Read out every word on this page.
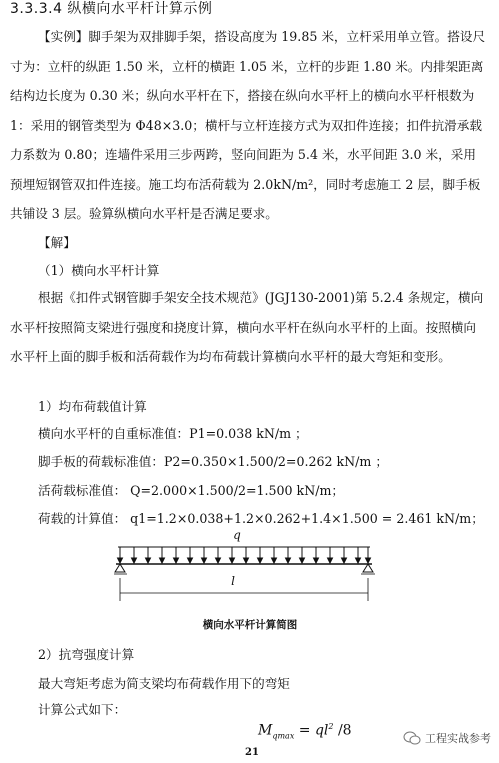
3.3.3.4 纵横向水平杆计算示例
【实例】脚手架为双排脚手架，搭设高度为 19.85 米，立杆采用单立管。搭设尺寸为：立杆的纵距 1.50 米，立杆的横距 1.05 米，立杆的步距 1.80 米。内排架距离结构边长度为 0.30 米；纵向水平杆在下，搭接在纵向水平杆上的横向水平杆根数为 1：采用的钢管类型为 Φ48×3.0；横杆与立杆连接方式为双扣件连接；扣件抗滑承载力系数为 0.80；连墙件采用三步两跨，竖向间距为 5.4 米，水平间距 3.0 米，采用预埋短钢管双扣件连接。施工均布活荷载为 2.0kN/m²，同时考虑施工 2 层，脚手板共铺设 3 层。验算纵横向水平杆是否满足要求。
【解】
（1）横向水平杆计算
根据《扣件式钢管脚手架安全技术规范》(JGJ130-2001)第 5.2.4 条规定，横向水平杆按照简支梁进行强度和挠度计算，横向水平杆在纵向水平杆的上面。按照横向水平杆上面的脚手板和活荷载作为均布荷载计算横向水平杆的最大弯矩和变形。
1）均布荷载值计算
横向水平杆的自重标准值：P1=0.038 kN/m ；
脚手板的荷载标准值：P2=0.350×1.500/2=0.262 kN/m ；
活荷载标准值： Q=2.000×1.500/2=1.500 kN/m；
荷载的计算值： q1=1.2×0.038+1.2×0.262+1.4×1.500 = 2.461 kN/m；
q
l
横向水平杆计算简图
2）抗弯强度计算
最大弯矩考虑为简支梁均布荷载作用下的弯矩
计算公式如下：
$M_{qmax} = ql^2$ /8	工程实战参考
21
